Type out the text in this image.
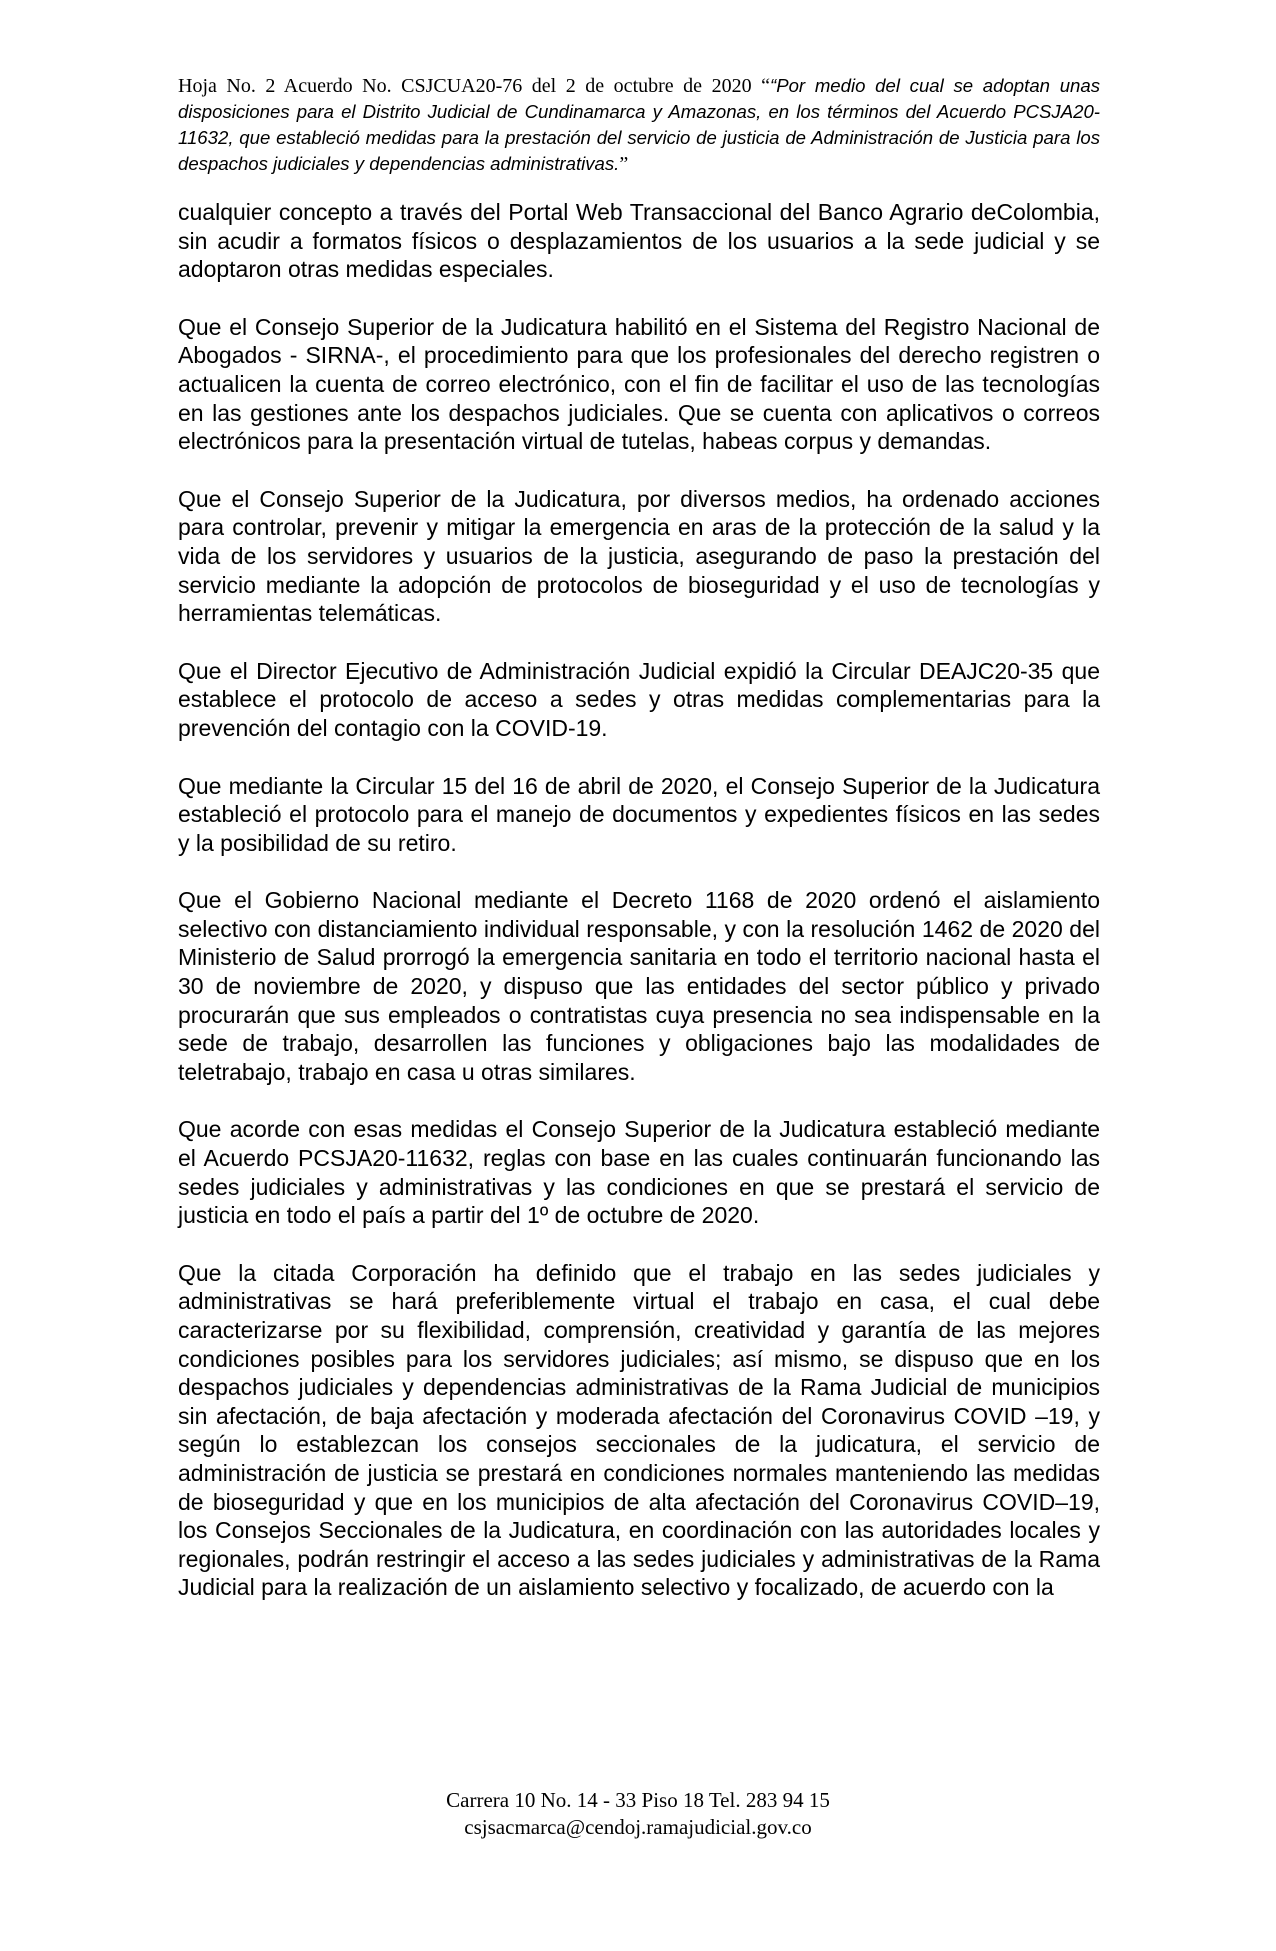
Hoja No. 2 Acuerdo No. CSJCUA20-76 del 2 de octubre de 2020 ““Por medio del cual se adoptan unas disposiciones para el Distrito Judicial de Cundinamarca y Amazonas, en los términos del Acuerdo PCSJA20-11632, que estableció medidas para la prestación del servicio de justicia de Administración de Justicia para los despachos judiciales y dependencias administrativas.”

cualquier concepto a través del Portal Web Transaccional del Banco Agrario deColombia, sin acudir a formatos físicos o desplazamientos de los usuarios a la sede judicial y se adoptaron otras medidas especiales.

Que el Consejo Superior de la Judicatura habilitó en el Sistema del Registro Nacional de Abogados - SIRNA-, el procedimiento para que los profesionales del derecho registren o actualicen la cuenta de correo electrónico, con el fin de facilitar el uso de las tecnologías en las gestiones ante los despachos judiciales. Que se cuenta con aplicativos o correos electrónicos para la presentación virtual de tutelas, habeas corpus y demandas.

Que el Consejo Superior de la Judicatura, por diversos medios, ha ordenado acciones para controlar, prevenir y mitigar la emergencia en aras de la protección de la salud y la vida de los servidores y usuarios de la justicia, asegurando de paso la prestación del servicio mediante la adopción de protocolos de bioseguridad y el uso de tecnologías y herramientas telemáticas.

Que el Director Ejecutivo de Administración Judicial expidió la Circular DEAJC20-35 que establece el protocolo de acceso a sedes y otras medidas complementarias para la prevención del contagio con la COVID-19.

Que mediante la Circular 15 del 16 de abril de 2020, el Consejo Superior de la Judicatura estableció el protocolo para el manejo de documentos y expedientes físicos en las sedes y la posibilidad de su retiro.

Que el Gobierno Nacional mediante el Decreto 1168 de 2020 ordenó el aislamiento selectivo con distanciamiento individual responsable, y con la resolución 1462 de 2020 del Ministerio de Salud prorrogó la emergencia sanitaria en todo el territorio nacional hasta el 30 de noviembre de 2020, y dispuso que las entidades del sector público y privado procurarán que sus empleados o contratistas cuya presencia no sea indispensable en la sede de trabajo, desarrollen las funciones y obligaciones bajo las modalidades de teletrabajo, trabajo en casa u otras similares.

Que acorde con esas medidas el Consejo Superior de la Judicatura estableció mediante el Acuerdo PCSJA20-11632, reglas con base en las cuales continuarán funcionando las sedes judiciales y administrativas y las condiciones en que se prestará el servicio de justicia en todo el país a partir del 1º de octubre de 2020.

Que la citada Corporación ha definido que el trabajo en las sedes judiciales y administrativas se hará preferiblemente virtual el trabajo en casa, el cual debe caracterizarse por su flexibilidad, comprensión, creatividad y garantía de las mejores condiciones posibles para los servidores judiciales; así mismo, se dispuso que en los despachos judiciales y dependencias administrativas de la Rama Judicial de municipios sin afectación, de baja afectación y moderada afectación del Coronavirus COVID –19, y según lo establezcan los consejos seccionales de la judicatura, el servicio de administración de justicia se prestará en condiciones normales manteniendo las medidas de bioseguridad y que en los municipios de alta afectación del Coronavirus COVID–19, los Consejos Seccionales de la Judicatura, en coordinación con las autoridades locales y regionales, podrán restringir el acceso a las sedes judiciales y administrativas de la Rama Judicial para la realización de un aislamiento selectivo y focalizado, de acuerdo con la

Carrera 10 No. 14 - 33 Piso 18 Tel. 283 94 15
csjsacmarca@cendoj.ramajudicial.gov.co
